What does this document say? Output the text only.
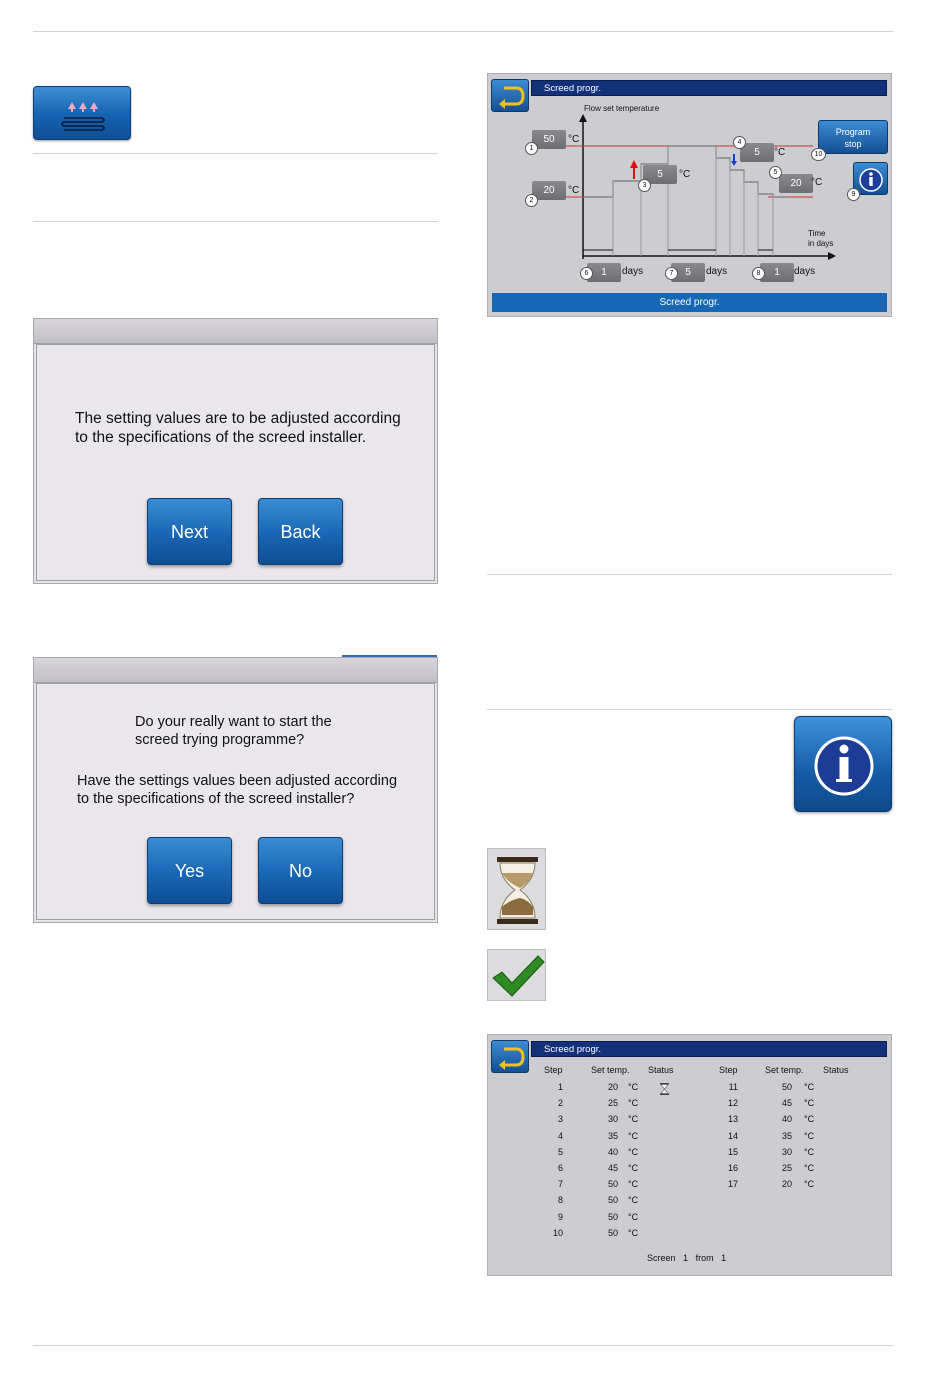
The setting values are to be adjusted according
to the specifications of the screed installer.
Next	Back
Do your really want to start the
screed trying programme?
Have the settings values been adjusted according
to the specifications of the screed installer?
Yes	No
Screed progr.
Flow set temperature
Time
in days
50	°C
1
20	°C
2
5	°C
3
5	°C
4
20 °C
5
1	days
6	5	days
7	1	days
8
Program
stop
10
9
Screed progr.
Screed progr.
Step	Set temp. Status	Step	Set temp. Status
1	20 °C
2	25 °C
3	30 °C
4	35 °C
5	40 °C
6	45 °C
7	50 °C
8	50 °C
9	50 °C
10	50 °C
11	50 °C
12	45 °C
13	40 °C
14	35 °C
15	30 °C
16	25 °C
17	20 °C
Screen 1 from 1
